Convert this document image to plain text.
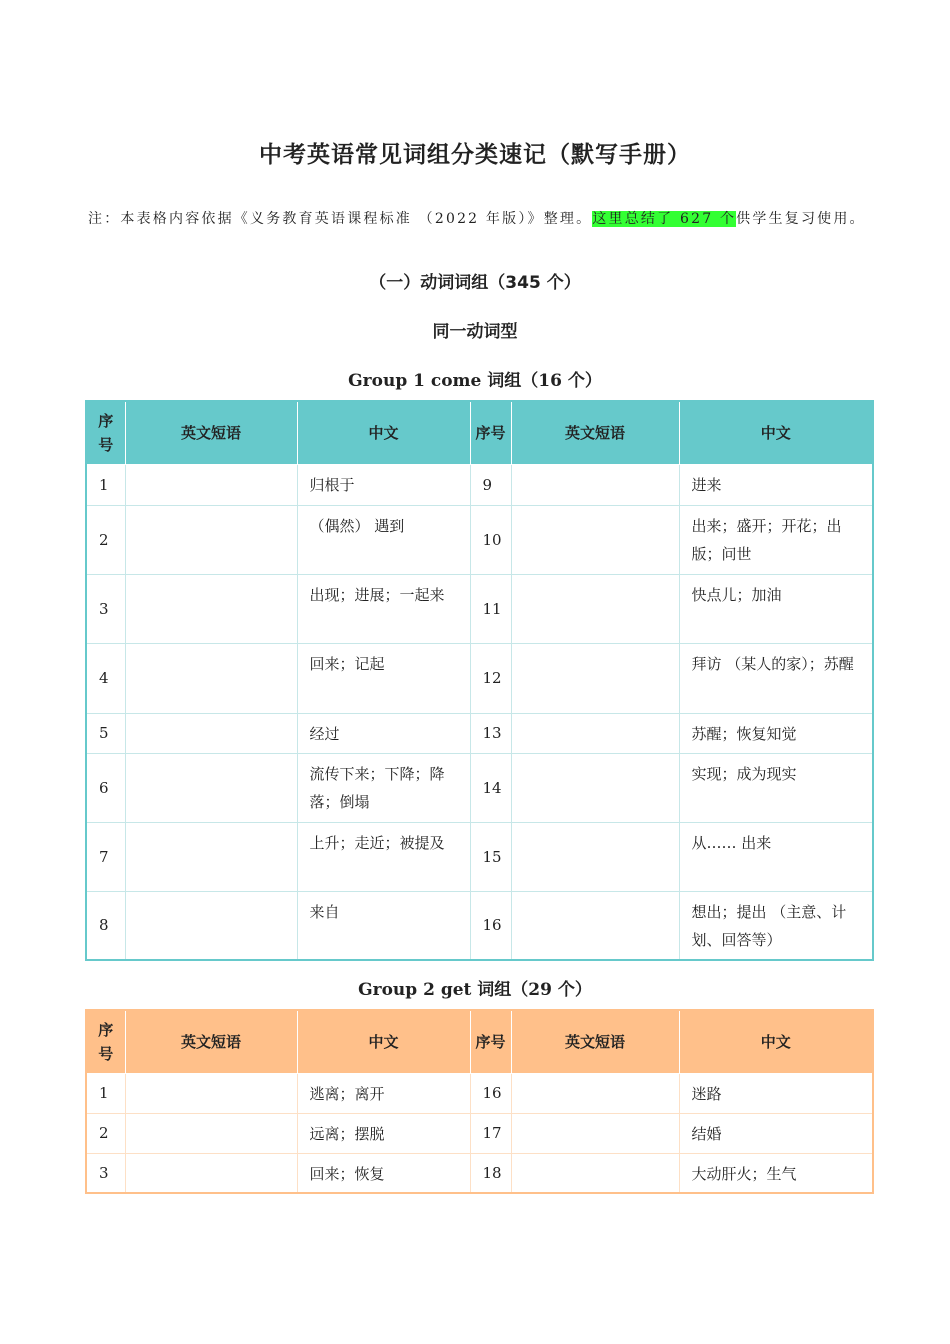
中考英语常见词组分类速记（默写手册）
注：本表格内容依据《义务教育英语课程标准 （2022 年版）》整理。这里总结了 627 个供学生复习使用。
（一）动词词组（345 个）
同一动词型
Group 1 come 词组（16 个）
序号	英文短语	中文	序号	英文短语	中文
1		归根于	9		进来
2		（偶然） 遇到	10		出来；盛开；开花；出版；问世
3		出现；进展；一起来	11		快点儿；加油
4		回来；记起	12		拜访 （某人的家）；苏醒
5		经过	13		苏醒；恢复知觉
6		流传下来；下降；降落；倒塌	14		实现；成为现实
7		上升；走近；被提及	15		从…… 出来
8		来自	16		想出；提出 （主意、计划、回答等）
Group 2 get 词组（29 个）
序号	英文短语	中文	序号	英文短语	中文
1		逃离；离开	16		迷路
2		远离；摆脱	17		结婚
3		回来；恢复	18		大动肝火；生气
